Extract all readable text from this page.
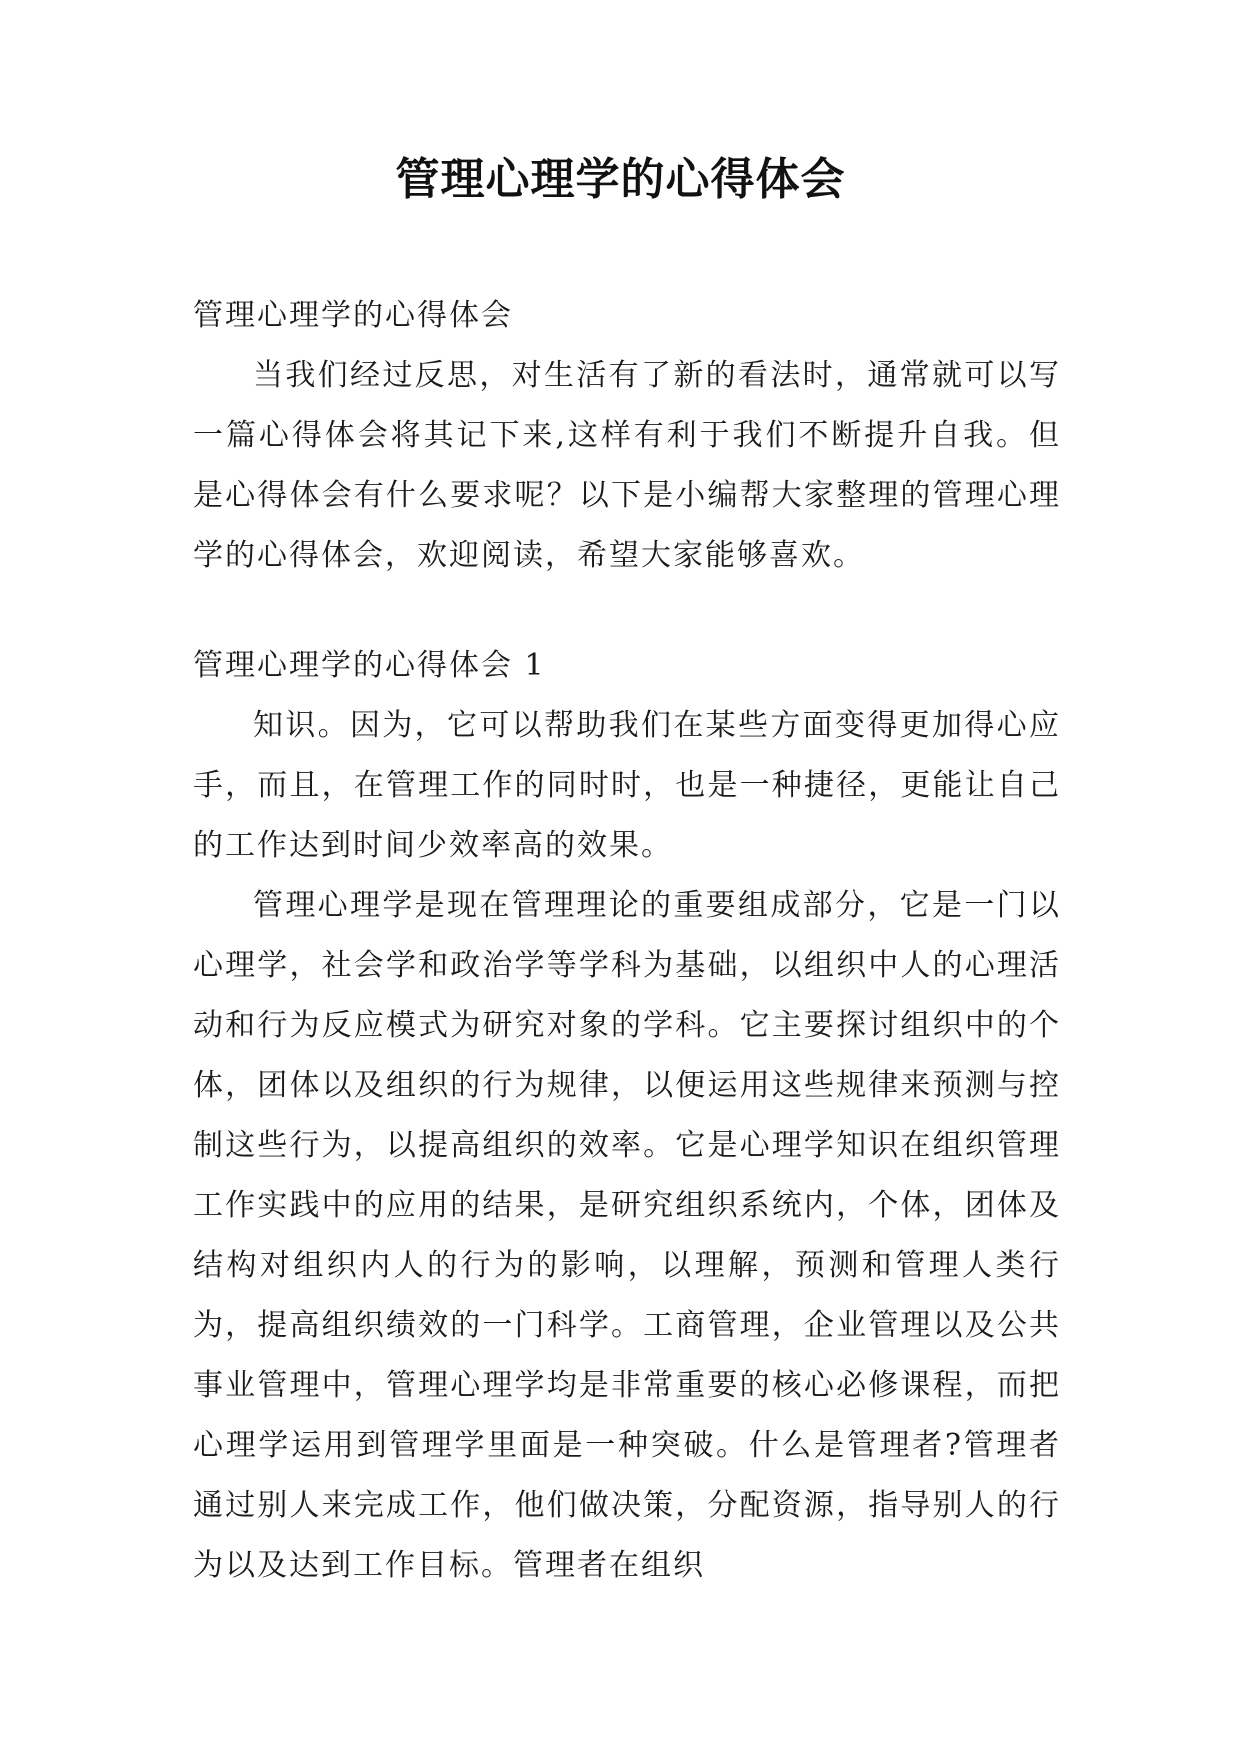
管理心理学的心得体会
管理心理学的心得体会

当我们经过反思，对生活有了新的看法时，通常就可以写一篇心得体会将其记下来,这样有利于我们不断提升自我。但是心得体会有什么要求呢？以下是小编帮大家整理的管理心理学的心得体会，欢迎阅读，希望大家能够喜欢。

管理心理学的心得体会 1

知识。因为，它可以帮助我们在某些方面变得更加得心应手，而且，在管理工作的同时时，也是一种捷径，更能让自己的工作达到时间少效率高的效果。

管理心理学是现在管理理论的重要组成部分，它是一门以心理学，社会学和政治学等学科为基础，以组织中人的心理活动和行为反应模式为研究对象的学科。它主要探讨组织中的个体，团体以及组织的行为规律，以便运用这些规律来预测与控制这些行为，以提高组织的效率。它是心理学知识在组织管理工作实践中的应用的结果，是研究组织系统内，个体，团体及结构对组织内人的行为的影响，以理解，预测和管理人类行为，提高组织绩效的一门科学。工商管理，企业管理以及公共事业管理中，管理心理学均是非常重要的核心必修课程，而把心理学运用到管理学里面是一种突破。什么是管理者?管理者通过别人来完成工作，他们做决策，分配资源，指导别人的行为以及达到工作目标。管理者在组织
